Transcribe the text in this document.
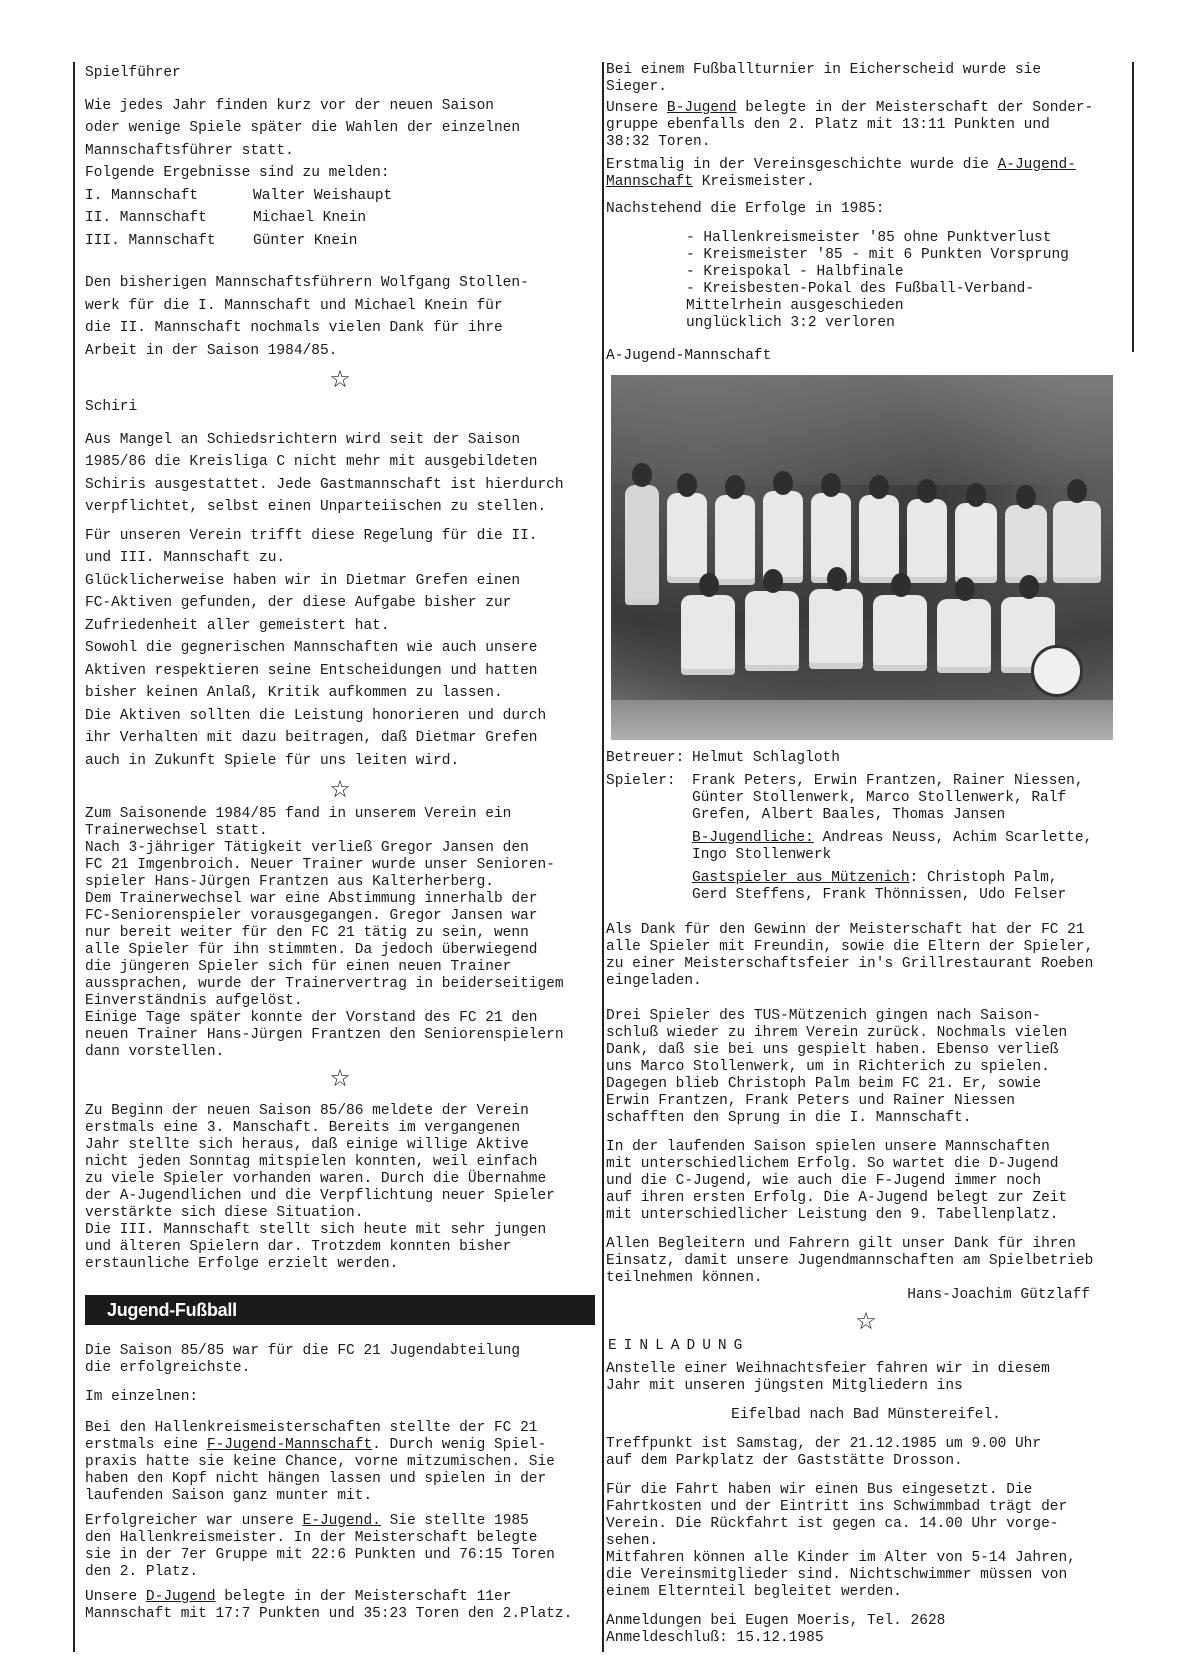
Spielführer

Wie jedes Jahr finden kurz vor der neuen Saison
oder wenige Spiele später die Wahlen der einzelnen
Mannschaftsführer statt.
Folgende Ergebnisse sind zu melden:

I. Mannschaft	Walter Weishaupt
II. Mannschaft	Michael Knein
III. Mannschaft	Günter Knein

Den bisherigen Mannschaftsführern Wolfgang Stollen-
werk für die I. Mannschaft und Michael Knein für
die II. Mannschaft nochmals vielen Dank für ihre
Arbeit in der Saison 1984/85.

☆

Schiri

Aus Mangel an Schiedsrichtern wird seit der Saison
1985/86 die Kreisliga C nicht mehr mit ausgebildeten
Schiris ausgestattet. Jede Gastmannschaft ist hierdurch
verpflichtet, selbst einen Unparteiischen zu stellen.

Für unseren Verein trifft diese Regelung für die II.
und III. Mannschaft zu.
Glücklicherweise haben wir in Dietmar Grefen einen
FC-Aktiven gefunden, der diese Aufgabe bisher zur
Zufriedenheit aller gemeistert hat.
Sowohl die gegnerischen Mannschaften wie auch unsere
Aktiven respektieren seine Entscheidungen und hatten
bisher keinen Anlaß, Kritik aufkommen zu lassen.
Die Aktiven sollten die Leistung honorieren und durch
ihr Verhalten mit dazu beitragen, daß Dietmar Grefen
auch in Zukunft Spiele für uns leiten wird.

☆

Zum Saisonende 1984/85 fand in unserem Verein ein
Trainerwechsel statt.
Nach 3-jähriger Tätigkeit verließ Gregor Jansen den
FC 21 Imgenbroich. Neuer Trainer wurde unser Senioren-
spieler Hans-Jürgen Frantzen aus Kalterherberg.
Dem Trainerwechsel war eine Abstimmung innerhalb der
FC-Seniorenspieler vorausgegangen. Gregor Jansen war
nur bereit weiter für den FC 21 tätig zu sein, wenn
alle Spieler für ihn stimmten. Da jedoch überwiegend
die jüngeren Spieler sich für einen neuen Trainer
aussprachen, wurde der Trainervertrag in beiderseitigem
Einverständnis aufgelöst.
Einige Tage später konnte der Vorstand des FC 21 den
neuen Trainer Hans-Jürgen Frantzen den Seniorenspielern
dann vorstellen.

☆

Zu Beginn der neuen Saison 85/86 meldete der Verein
erstmals eine 3. Manschaft. Bereits im vergangenen
Jahr stellte sich heraus, daß einige willige Aktive
nicht jeden Sonntag mitspielen konnten, weil einfach
zu viele Spieler vorhanden waren. Durch die Übernahme
der A-Jugendlichen und die Verpflichtung neuer Spieler
verstärkte sich diese Situation.
Die III. Mannschaft stellt sich heute mit sehr jungen
und älteren Spielern dar. Trotzdem konnten bisher
erstaunliche Erfolge erzielt werden.

Jugend-Fußball

Die Saison 85/85 war für die FC 21 Jugendabteilung
die erfolgreichste.

Im einzelnen:

Bei den Hallenkreismeisterschaften stellte der FC 21
erstmals eine F-Jugend-Mannschaft. Durch wenig Spiel-
praxis hatte sie keine Chance, vorne mitzumischen. Sie
haben den Kopf nicht hängen lassen und spielen in der
laufenden Saison ganz munter mit.

Erfolgreicher war unsere E-Jugend. Sie stellte 1985
den Hallenkreismeister. In der Meisterschaft belegte
sie in der 7er Gruppe mit 22:6 Punkten und 76:15 Toren
den 2. Platz.

Unsere D-Jugend belegte in der Meisterschaft 11er
Mannschaft mit 17:7 Punkten und 35:23 Toren den 2.Platz.

Bei einem Fußballturnier in Eicherscheid wurde sie
Sieger.

Unsere B-Jugend belegte in der Meisterschaft der Sonder-
gruppe ebenfalls den 2. Platz mit 13:11 Punkten und
38:32 Toren.

Erstmalig in der Vereinsgeschichte wurde die A-Jugend-
Mannschaft Kreismeister.

Nachstehend die Erfolge in 1985:

- Hallenkreismeister '85 ohne Punktverlust

- Kreismeister '85 - mit 6 Punkten Vorsprung

- Kreispokal - Halbfinale

- Kreisbesten-Pokal des Fußball-Verband-
Mittelrhein ausgeschieden
unglücklich 3:2 verloren

A-Jugend-Mannschaft

Betreuer: Helmut Schlagloth
Spieler:	Frank Peters, Erwin Frantzen, Rainer Niessen,
Günter Stollenwerk, Marco Stollenwerk, Ralf
Grefen, Albert Baales, Thomas Jansen
B-Jugendliche: Andreas Neuss, Achim Scarlette,
Ingo Stollenwerk
Gastspieler aus Mützenich: Christoph Palm,
Gerd Steffens, Frank Thönnissen, Udo Felser

Als Dank für den Gewinn der Meisterschaft hat der FC 21
alle Spieler mit Freundin, sowie die Eltern der Spieler,
zu einer Meisterschaftsfeier in's Grillrestaurant Roeben
eingeladen.

Drei Spieler des TUS-Mützenich gingen nach Saison-
schluß wieder zu ihrem Verein zurück. Nochmals vielen
Dank, daß sie bei uns gespielt haben. Ebenso verließ
uns Marco Stollenwerk, um in Richterich zu spielen.
Dagegen blieb Christoph Palm beim FC 21. Er, sowie
Erwin Frantzen, Frank Peters und Rainer Niessen
schafften den Sprung in die I. Mannschaft.

In der laufenden Saison spielen unsere Mannschaften
mit unterschiedlichem Erfolg. So wartet die D-Jugend
und die C-Jugend, wie auch die F-Jugend immer noch
auf ihren ersten Erfolg. Die A-Jugend belegt zur Zeit
mit unterschiedlicher Leistung den 9. Tabellenplatz.

Allen Begleitern und Fahrern gilt unser Dank für ihren
Einsatz, damit unsere Jugendmannschaften am Spielbetrieb
teilnehmen können.

Hans-Joachim Gützlaff

☆

EINLADUNG

Anstelle einer Weihnachtsfeier fahren wir in diesem
Jahr mit unseren jüngsten Mitgliedern ins

Eifelbad nach Bad Münstereifel.

Treffpunkt ist Samstag, der 21.12.1985 um 9.00 Uhr
auf dem Parkplatz der Gaststätte Drosson.

Für die Fahrt haben wir einen Bus eingesetzt. Die
Fahrtkosten und der Eintritt ins Schwimmbad trägt der
Verein. Die Rückfahrt ist gegen ca. 14.00 Uhr vorge-
sehen.
Mitfahren können alle Kinder im Alter von 5-14 Jahren,
die Vereinsmitglieder sind. Nichtschwimmer müssen von
einem Elternteil begleitet werden.

Anmeldungen bei Eugen Moeris, Tel. 2628
Anmeldeschluß: 15.12.1985
